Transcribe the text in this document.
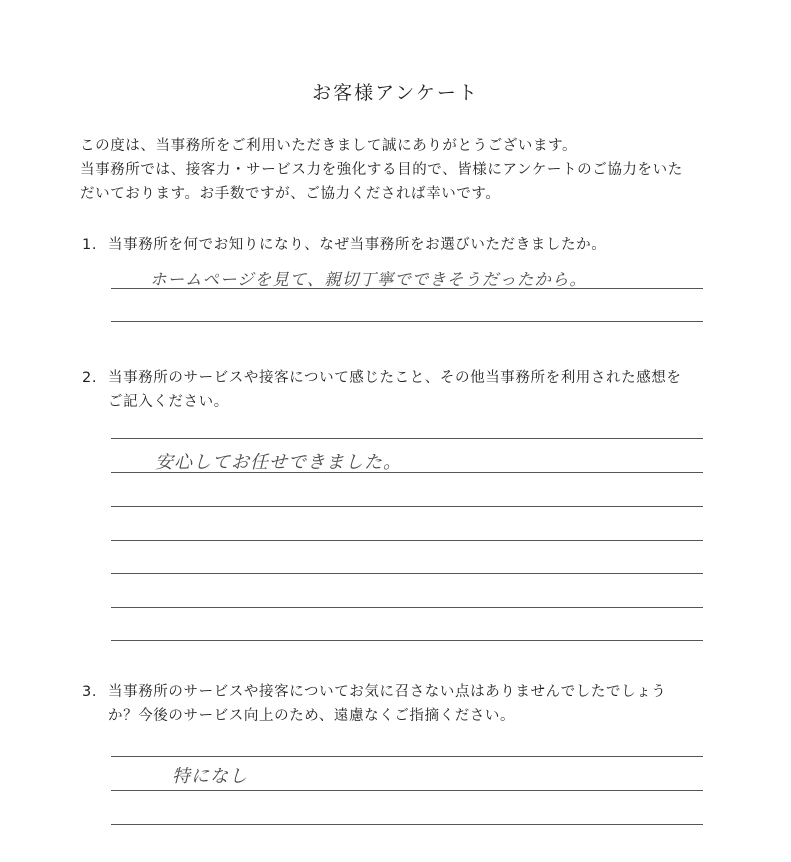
お客様アンケート
この度は、当事務所をご利用いただきまして誠にありがとうございます。
当事務所では、接客力・サービス力を強化する目的で、皆様にアンケートのご協力をいた
だいております。お手数ですが、ご協力くだされば幸いです。
1. 当事務所を何でお知りになり、なぜ当事務所をお選びいただきましたか。
ホームページを見て、親切丁寧でできそうだったから。
2. 当事務所のサービスや接客について感じたこと、その他当事務所を利用された感想を
ご記入ください。
安心してお任せできました。
3. 当事務所のサービスや接客についてお気に召さない点はありませんでしたでしょう
か？今後のサービス向上のため、遠慮なくご指摘ください。
特になし
